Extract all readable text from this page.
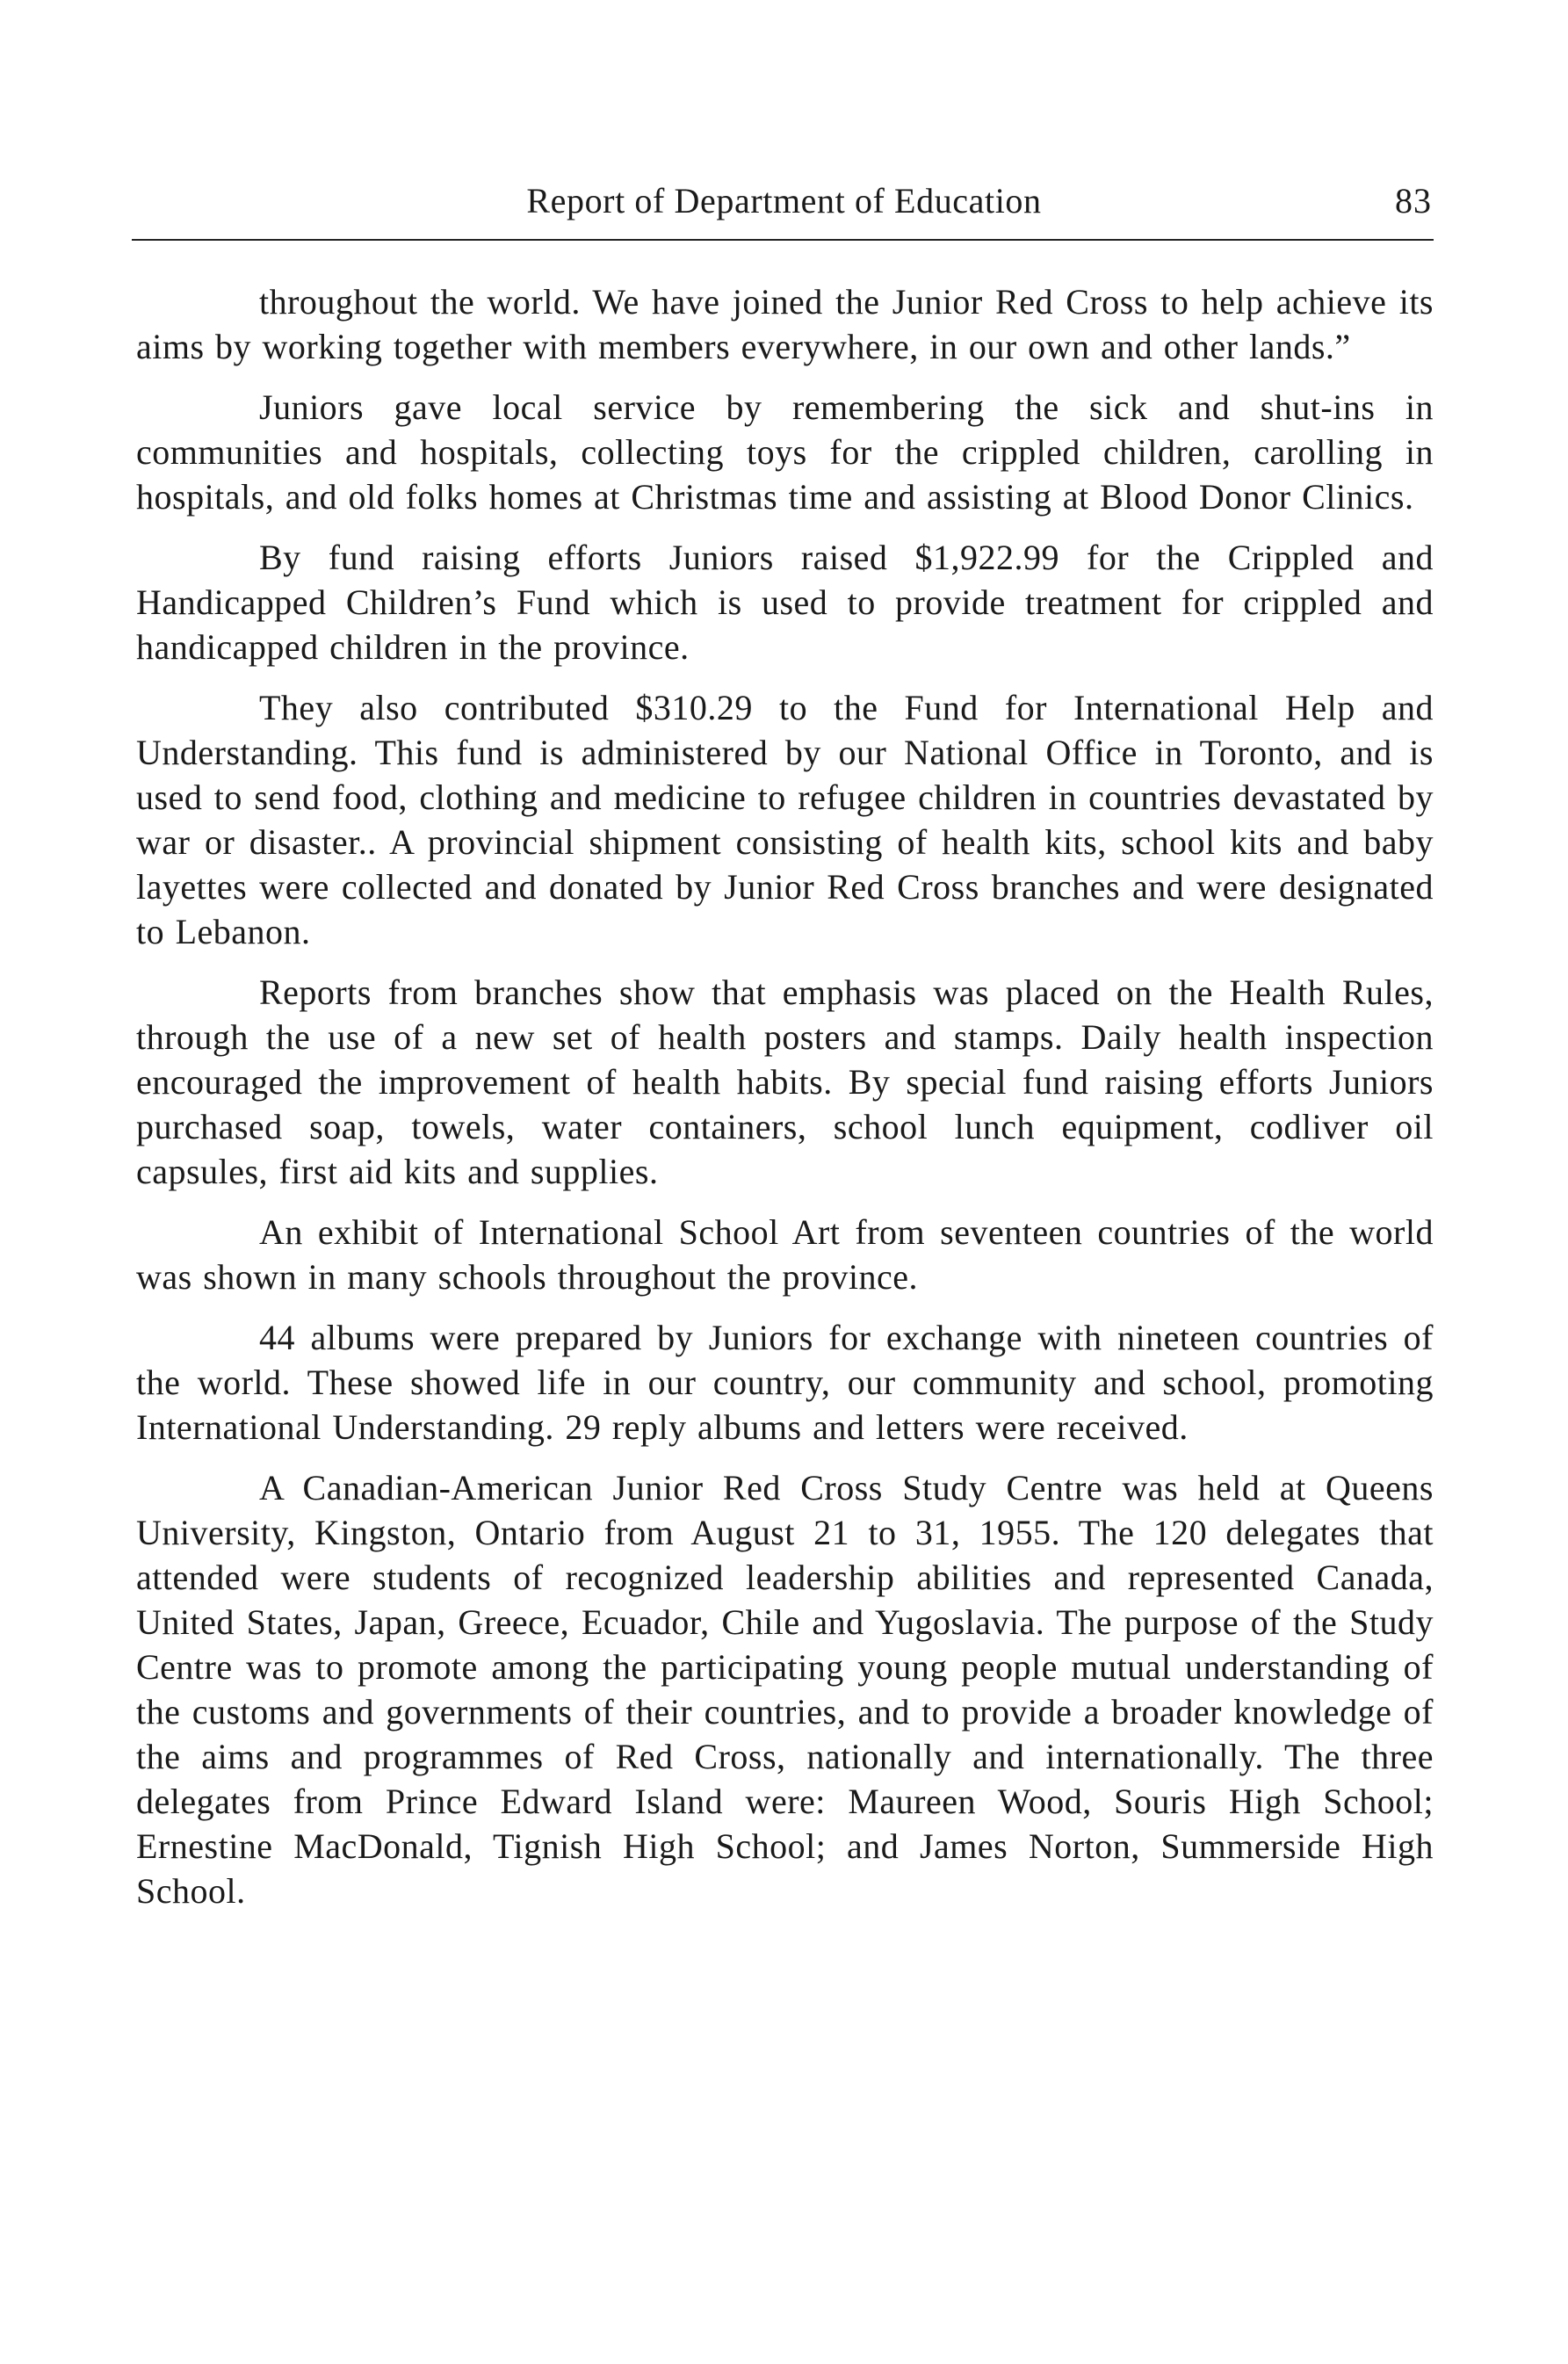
Report of Department of Education	83

throughout the world. We have joined the Junior Red Cross to help achieve its aims by working together with members everywhere, in our own and other lands.”

Juniors gave local service by remembering the sick and shut-ins in communities and hospitals, collecting toys for the crippled children, carolling in hospitals, and old folks homes at Christmas time and assisting at Blood Donor Clinics.

By fund raising efforts Juniors raised $1,922.99 for the Crippled and Handicapped Children’s Fund which is used to provide treatment for crippled and handicapped children in the province.

They also contributed $310.29 to the Fund for International Help and Understanding. This fund is administered by our National Office in Toronto, and is used to send food, clothing and medicine to refugee children in countries devastated by war or disaster.. A provincial shipment consisting of health kits, school kits and baby layettes were collected and donated by Junior Red Cross branches and were designated to Lebanon.

Reports from branches show that emphasis was placed on the Health Rules, through the use of a new set of health posters and stamps. Daily health inspection encouraged the improvement of health habits. By special fund raising efforts Juniors purchased soap, towels, water containers, school lunch equipment, codliver oil capsules, first aid kits and supplies.

An exhibit of International School Art from seventeen countries of the world was shown in many schools throughout the province.

44 albums were prepared by Juniors for exchange with nineteen countries of the world. These showed life in our country, our community and school, promoting International Understanding. 29 reply albums and letters were received.

A Canadian-American Junior Red Cross Study Centre was held at Queens University, Kingston, Ontario from August 21 to 31, 1955. The 120 delegates that attended were students of recognized leadership abilities and represented Canada, United States, Japan, Greece, Ecuador, Chile and Yugoslavia. The purpose of the Study Centre was to promote among the participating young people mutual understanding of the customs and governments of their countries, and to provide a broader knowledge of the aims and programmes of Red Cross, nationally and internationally. The three delegates from Prince Edward Island were: Maureen Wood, Souris High School; Ernestine MacDonald, Tignish High School; and James Norton, Summerside High School.
